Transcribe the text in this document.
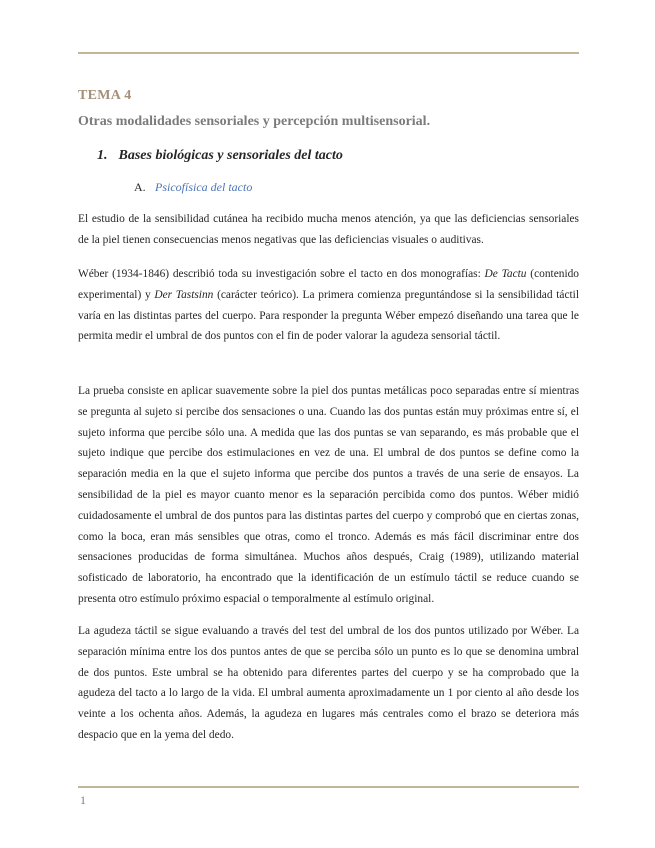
TEMA 4
Otras modalidades sensoriales y percepción multisensorial.
1. Bases biológicas y sensoriales del tacto
A. Psicofísica del tacto

El estudio de la sensibilidad cutánea ha recibido mucha menos atención, ya que las deficiencias sensoriales de la piel tienen consecuencias menos negativas que las deficiencias visuales o auditivas.

Wéber (1934-1846) describió toda su investigación sobre el tacto en dos monografías: De Tactu (contenido experimental) y Der Tastsinn (carácter teórico). La primera comienza preguntándose si la sensibilidad táctil varía en las distintas partes del cuerpo. Para responder la pregunta Wéber empezó diseñando una tarea que le permita medir el umbral de dos puntos con el fin de poder valorar la agudeza sensorial táctil.

La prueba consiste en aplicar suavemente sobre la piel dos puntas metálicas poco separadas entre sí mientras se pregunta al sujeto si percibe dos sensaciones o una. Cuando las dos puntas están muy próximas entre sí, el sujeto informa que percibe sólo una. A medida que las dos puntas se van separando, es más probable que el sujeto indique que percibe dos estimulaciones en vez de una. El umbral de dos puntos se define como la separación media en la que el sujeto informa que percibe dos puntos a través de una serie de ensayos. La sensibilidad de la piel es mayor cuanto menor es la separación percibida como dos puntos. Wéber midió cuidadosamente el umbral de dos puntos para las distintas partes del cuerpo y comprobó que en ciertas zonas, como la boca, eran más sensibles que otras, como el tronco. Además es más fácil discriminar entre dos sensaciones producidas de forma simultánea. Muchos años después, Craig (1989), utilizando material sofisticado de laboratorio, ha encontrado que la identificación de un estímulo táctil se reduce cuando se presenta otro estímulo próximo espacial o temporalmente al estímulo original.

La agudeza táctil se sigue evaluando a través del test del umbral de los dos puntos utilizado por Wéber. La separación mínima entre los dos puntos antes de que se perciba sólo un punto es lo que se denomina umbral de dos puntos. Este umbral se ha obtenido para diferentes partes del cuerpo y se ha comprobado que la agudeza del tacto a lo largo de la vida. El umbral aumenta aproximadamente un 1 por ciento al año desde los veinte a los ochenta años. Además, la agudeza en lugares más centrales como el brazo se deteriora más despacio que en la yema del dedo.

1
